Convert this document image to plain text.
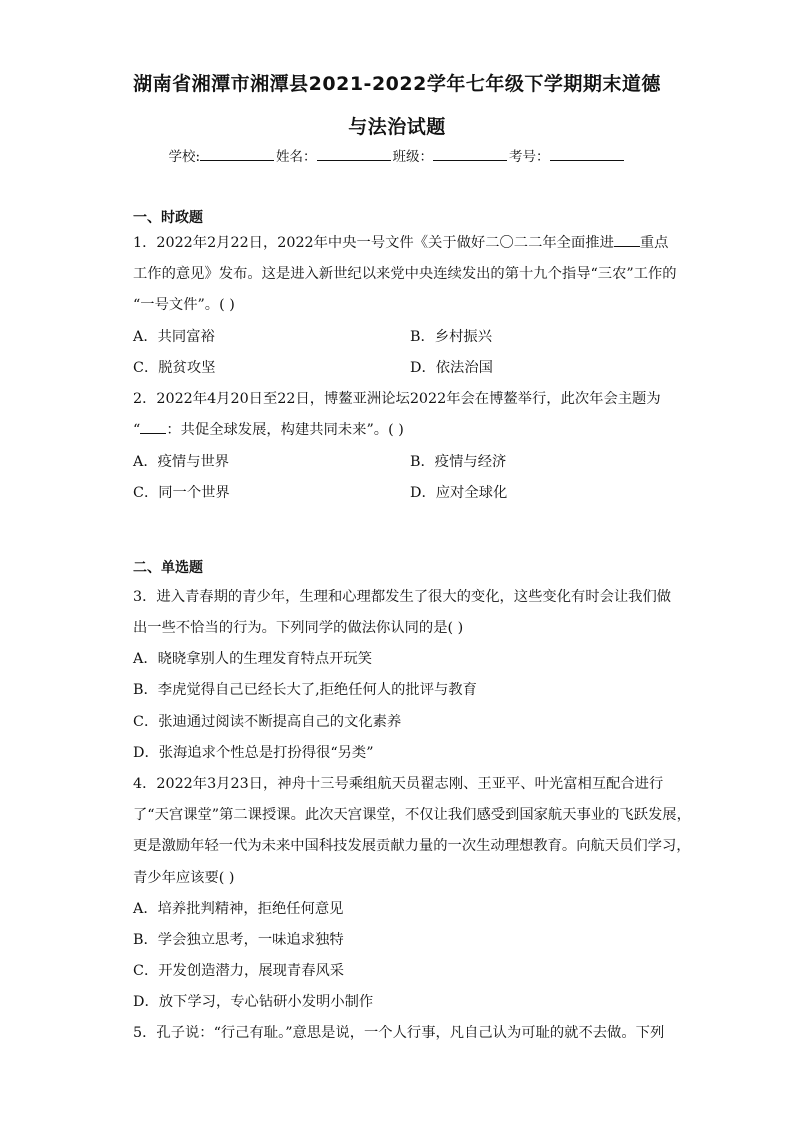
湖南省湘潭市湘潭县2021-2022学年七年级下学期期末道德
与法治试题
学校:	姓名：	班级：	考号：
一、时政题
1．2022年2月22日，2022年中央一号文件《关于做好二〇二二年全面推进 重点
工作的意见》发布。这是进入新世纪以来党中央连续发出的第十九个指导“三农”工作的
“一号文件”。( )
A．共同富裕	B．乡村振兴
C．脱贫攻坚	D．依法治国
2．2022年4月20日至22日，博鳌亚洲论坛2022年会在博鳌举行，此次年会主题为
“ ：共促全球发展，构建共同未来”。( )
A．疫情与世界	B．疫情与经济
C．同一个世界	D．应对全球化
二、单选题
3．进入青春期的青少年，生理和心理都发生了很大的变化，这些变化有时会让我们做
出一些不恰当的行为。下列同学的做法你认同的是( )
A．晓晓拿别人的生理发育特点开玩笑
B．李虎觉得自己已经长大了,拒绝任何人的批评与教育
C．张迪通过阅读不断提高自己的文化素养
D．张海追求个性总是打扮得很“另类”
4．2022年3月23日，神舟十三号乘组航天员翟志刚、王亚平、叶光富相互配合进行
了“天宫课堂”第二课授课。此次天宫课堂，不仅让我们感受到国家航天事业的飞跃发展，
更是激励年轻一代为未来中国科技发展贡献力量的一次生动理想教育。向航天员们学习，
青少年应该要( )
A．培养批判精神，拒绝任何意见
B．学会独立思考，一味追求独特
C．开发创造潜力，展现青春风采
D．放下学习，专心钻研小发明小制作
5．孔子说：“行己有耻。”意思是说，一个人行事，凡自己认为可耻的就不去做。下列
